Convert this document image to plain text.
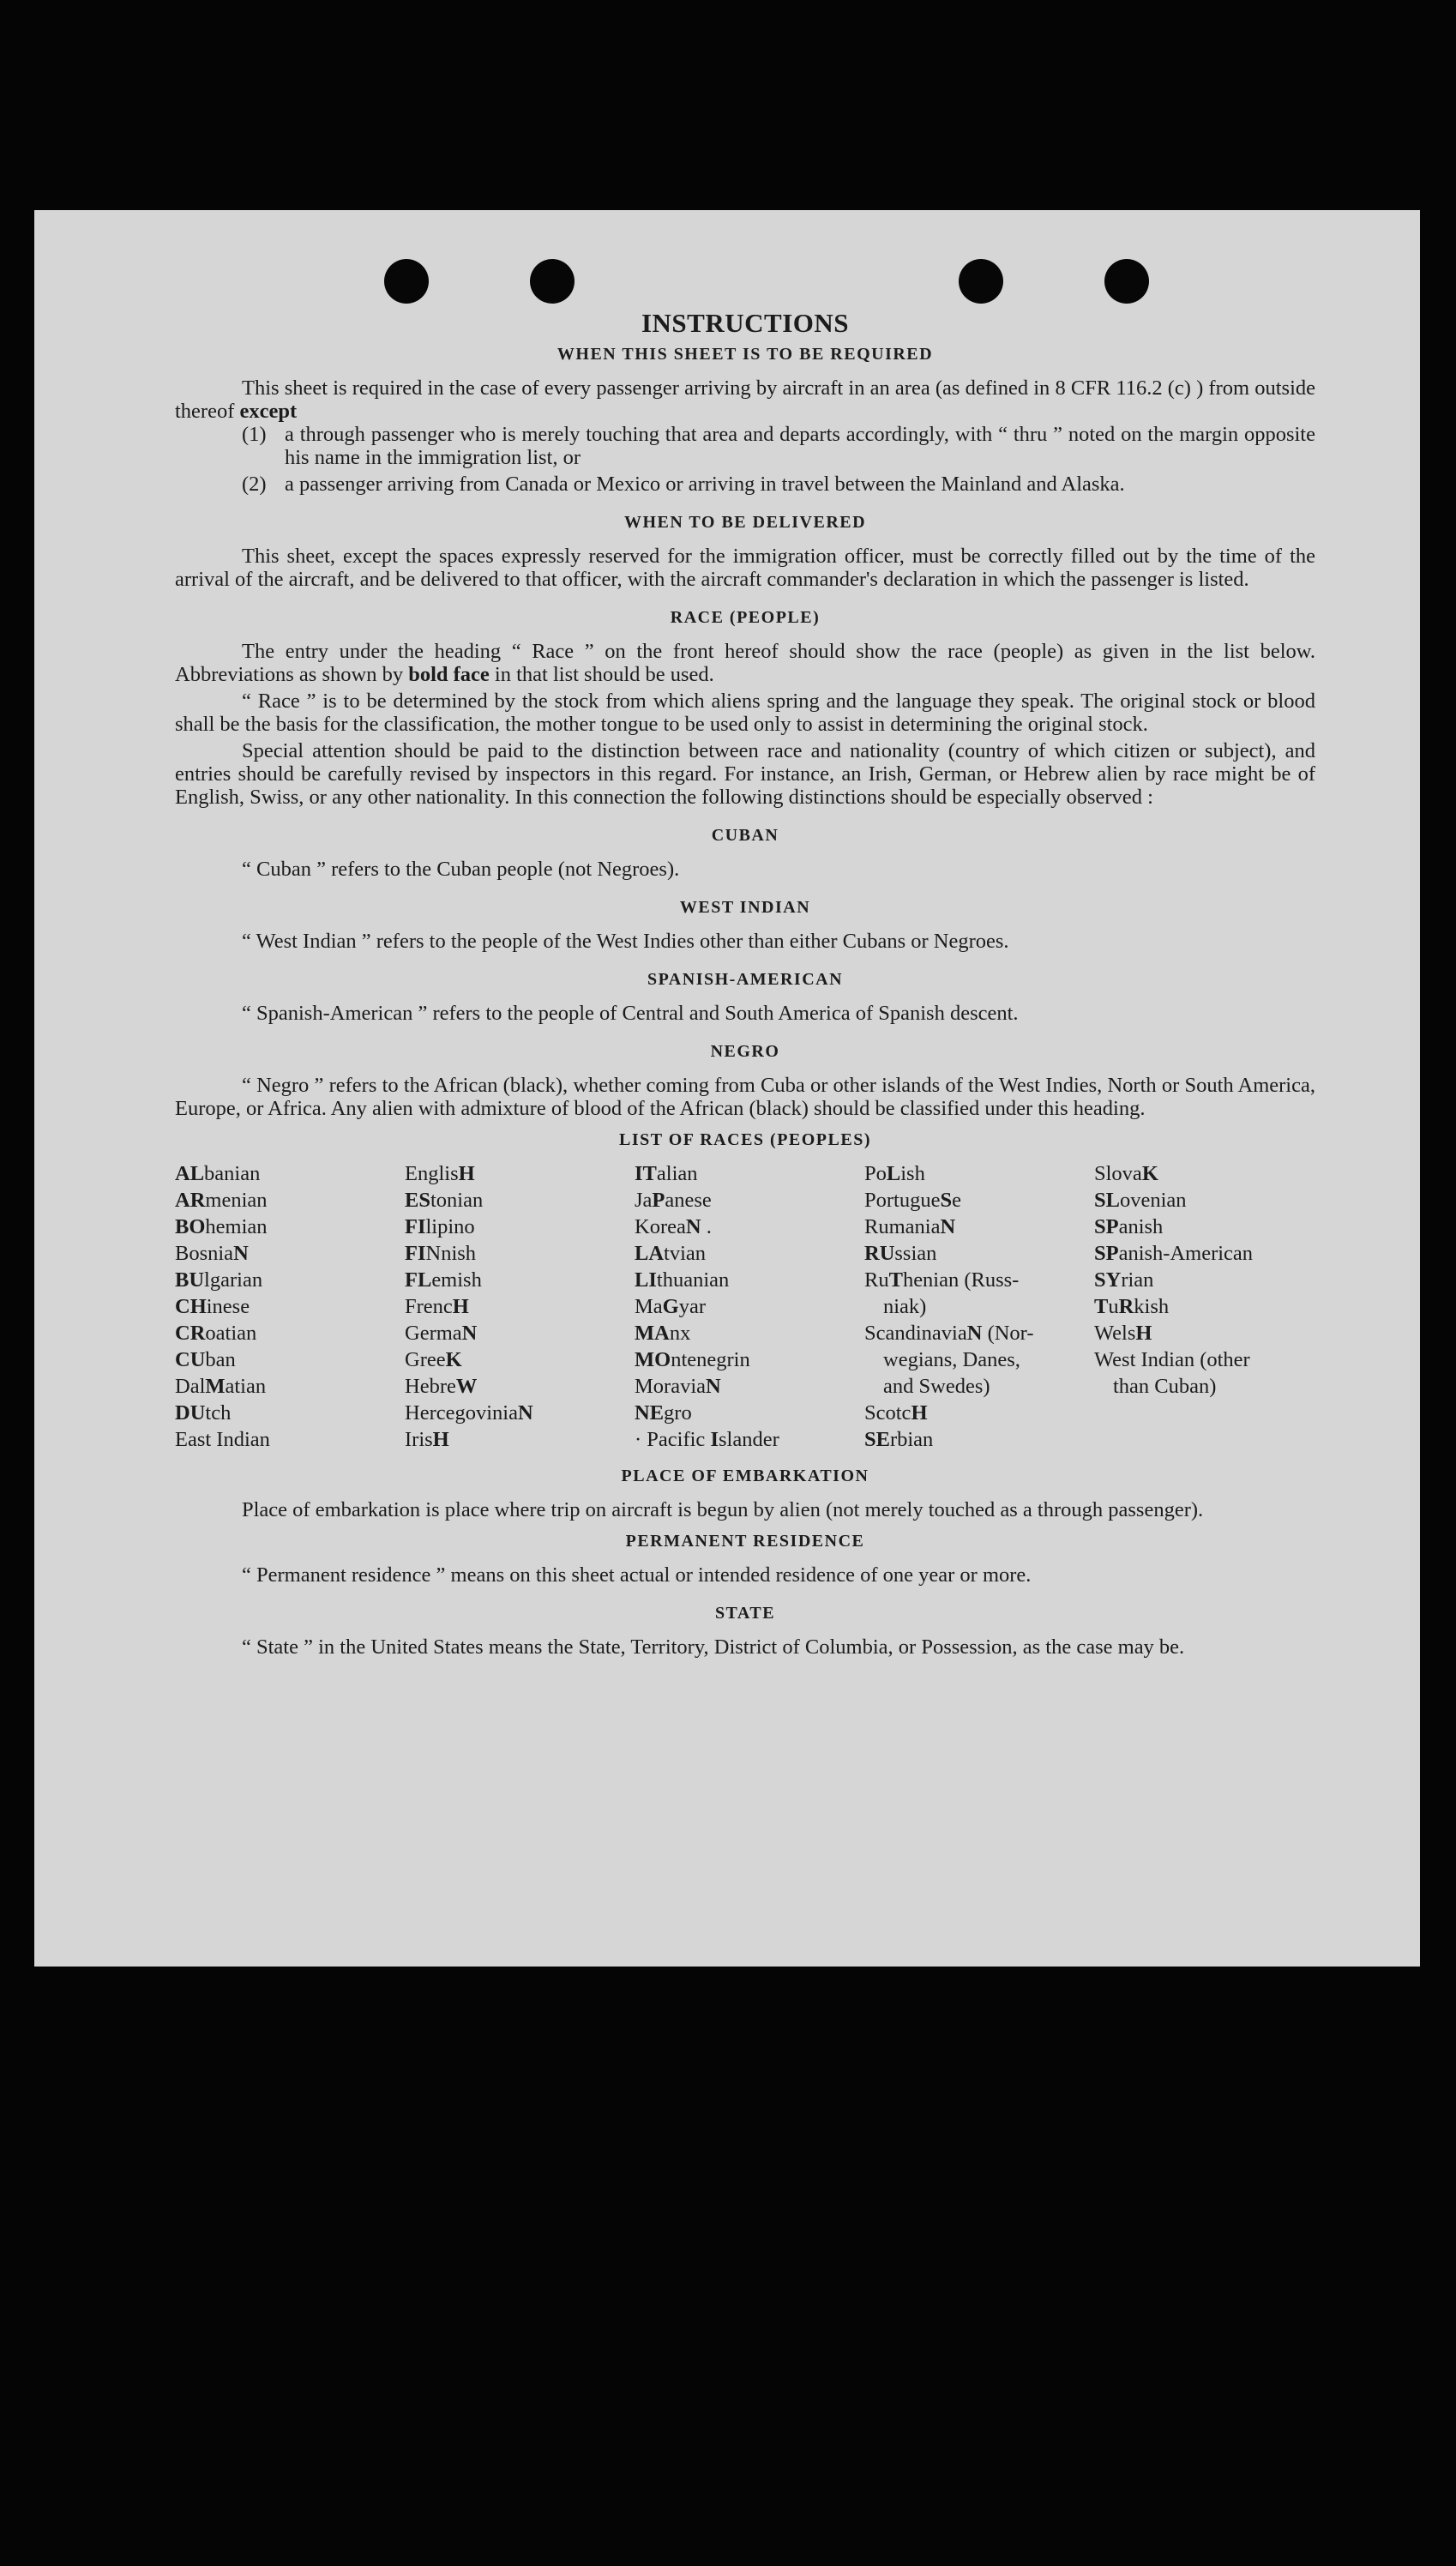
INSTRUCTIONS
WHEN THIS SHEET IS TO BE REQUIRED

This sheet is required in the case of every passenger arriving by aircraft in an area (as defined in 8 CFR 116.2 (c) ) from outside thereof except

(1) a through passenger who is merely touching that area and departs accordingly, with “ thru ” noted on the margin opposite his name in the immigration list, or
(2) a passenger arriving from Canada or Mexico or arriving in travel between the Mainland and Alaska.
WHEN TO BE DELIVERED

This sheet, except the spaces expressly reserved for the immigration officer, must be correctly filled out by the time of the arrival of the aircraft, and be delivered to that officer, with the aircraft commander's declaration in which the passenger is listed.

RACE (PEOPLE)

The entry under the heading “ Race ” on the front hereof should show the race (people) as given in the list below. Abbreviations as shown by bold face in that list should be used.

“ Race ” is to be determined by the stock from which aliens spring and the language they speak. The original stock or blood shall be the basis for the classification, the mother tongue to be used only to assist in determining the original stock.

Special attention should be paid to the distinction between race and nationality (country of which citizen or subject), and entries should be carefully revised by inspectors in this regard. For instance, an Irish, German, or Hebrew alien by race might be of English, Swiss, or any other nationality. In this connection the following distinctions should be especially observed :

CUBAN

“ Cuban ” refers to the Cuban people (not Negroes).

WEST INDIAN

“ West Indian ” refers to the people of the West Indies other than either Cubans or Negroes.

SPANISH-AMERICAN

“ Spanish-American ” refers to the people of Central and South America of Spanish descent.

NEGRO

“ Negro ” refers to the African (black), whether coming from Cuba or other islands of the West Indies, North or South America, Europe, or Africa. Any alien with admixture of blood of the African (black) should be classified under this heading.

LIST OF RACES (PEOPLES)
ALbanian
ARmenian
BOhemian
BosniaN
BUlgarian
CHinese
CRoatian
CUban
DalMatian
DUtch
East Indian
EnglisH
EStonian
FIlipino
FINnish
FLemish
FrencH
GermaN
GreeK
HebreW
HercegoviniaN
IrisH
ITalian
JaPanese
KoreaN .
LAtvian
LIthuanian
MaGyar
MAnx
MOntenegrin
MoraviaN
NEgro
· Pacific Islander
PoLish
PortugueSe
RumaniaN
RUssian
RuThenian (Russ-
niak)
ScandinaviaN (Nor-
wegians, Danes,
and Swedes)
ScotcH
SErbian
SlovaK
SLovenian
SPanish
SPanish-American
SYrian
TuRkish
WelsH
West Indian (other
than Cuban)
PLACE OF EMBARKATION

Place of embarkation is place where trip on aircraft is begun by alien (not merely touched as a through passenger).

PERMANENT RESIDENCE

“ Permanent residence ” means on this sheet actual or intended residence of one year or more.

STATE

“ State ” in the United States means the State, Territory, District of Columbia, or Possession, as the case may be.
